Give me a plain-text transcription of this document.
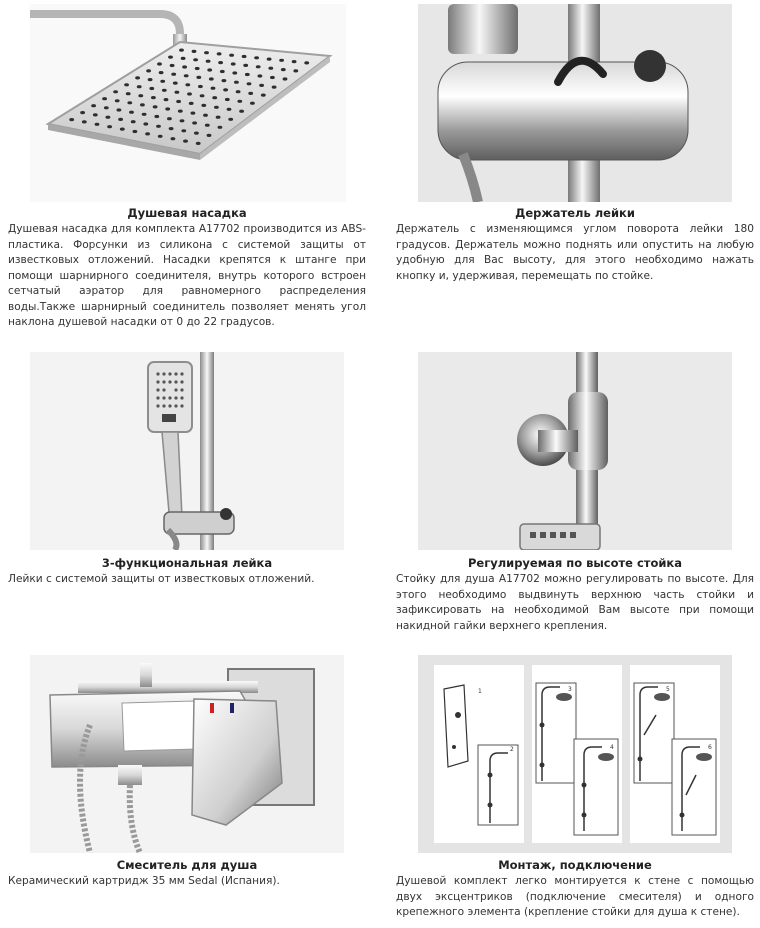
Душевая насадка

Душевая насадка для комплекта A17702 производится из ABS-пластика. Форсунки из силикона с системой защиты от известковых отложений. Насадки крепятся к штанге при помощи шарнирного соединителя, внутрь которого встроен сетчатый аэратор для равномерного распределения воды.Также шарнирный соединитель позволяет менять угол наклона душевой насадки от 0 до 22 градусов.

Держатель лейки

Держатель с изменяющимся углом поворота лейки 180 градусов. Держатель можно поднять или опустить на любую удобную для Вас высоту, для этого необходимо нажать кнопку и, удерживая, перемещать по стойке.

3-функциональная лейка

Лейки с системой защиты от известковых отложений.

Регулируемая по высоте стойка

Стойку для душа A17702 можно регулировать по высоте. Для этого необходимо выдвинуть верхнюю часть стойки и зафиксировать на необходимой Вам высоте при помощи накидной гайки верхнего крепления.

Смеситель для душа

Керамический картридж 35 мм Sedal (Испания).

1
2
3
4
5
6
Монтаж, подключение

Душевой комплект легко монтируется к стене с помощью двух эксцентриков (подключение смесителя) и одного крепежного элемента (крепление стойки для душа к стене).
